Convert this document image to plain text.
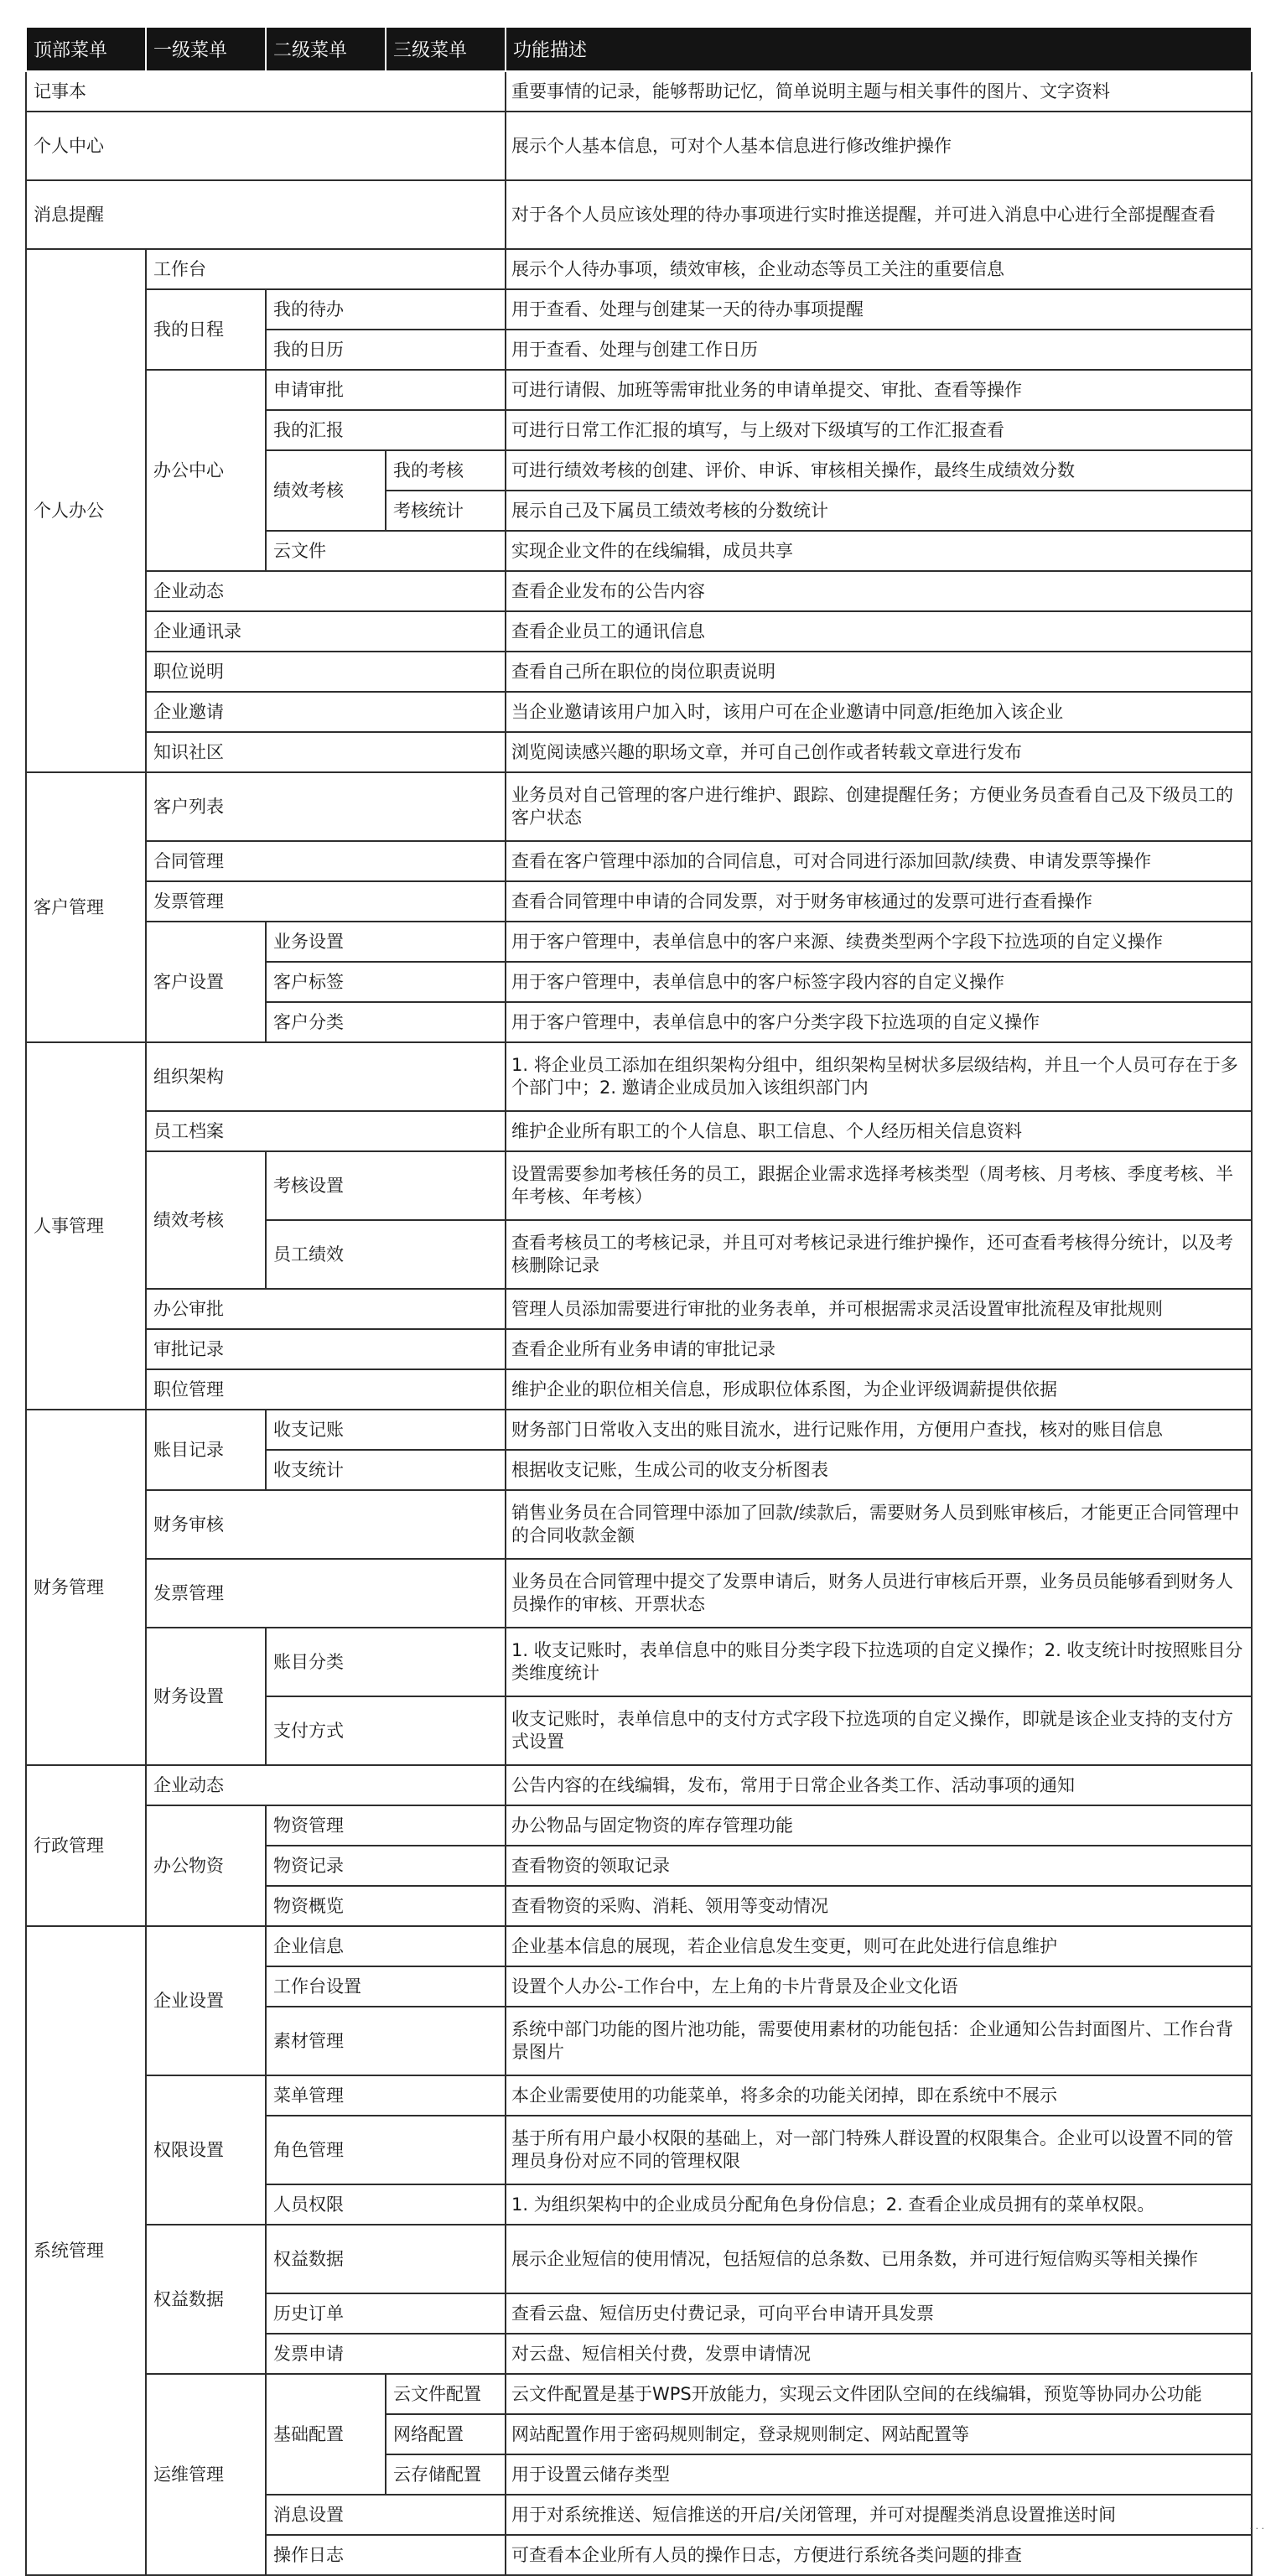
顶部菜单	一级菜单	二级菜单	三级菜单	功能描述
记事本				重要事情的记录，能够帮助记忆，简单说明主题与相关事件的图片、文字资料
个人中心				展示个人基本信息，可对个人基本信息进行修改维护操作
消息提醒				对于各个人员应该处理的待办事项进行实时推送提醒，并可进入消息中心进行全部提醒查看
个人办公	工作台			展示个人待办事项，绩效审核，企业动态等员工关注的重要信息
	我的日程	我的待办		用于查看、处理与创建某一天的待办事项提醒
		我的日历		用于查看、处理与创建工作日历
	办公中心	申请审批		可进行请假、加班等需审批业务的申请单提交、审批、查看等操作
		我的汇报		可进行日常工作汇报的填写，与上级对下级填写的工作汇报查看
		绩效考核	我的考核	可进行绩效考核的创建、评价、申诉、审核相关操作，最终生成绩效分数
			考核统计	展示自己及下属员工绩效考核的分数统计
		云文件		实现企业文件的在线编辑，成员共享
	企业动态			查看企业发布的公告内容
	企业通讯录			查看企业员工的通讯信息
	职位说明			查看自己所在职位的岗位职责说明
	企业邀请			当企业邀请该用户加入时，该用户可在企业邀请中同意/拒绝加入该企业
	知识社区			浏览阅读感兴趣的职场文章，并可自己创作或者转载文章进行发布
客户管理	客户列表			业务员对自己管理的客户进行维护、跟踪、创建提醒任务；方便业务员查看自己及下级员工的客户状态
	合同管理			查看在客户管理中添加的合同信息，可对合同进行添加回款/续费、申请发票等操作
	发票管理			查看合同管理中申请的合同发票，对于财务审核通过的发票可进行查看操作
	客户设置	业务设置		用于客户管理中，表单信息中的客户来源、续费类型两个字段下拉选项的自定义操作
		客户标签		用于客户管理中，表单信息中的客户标签字段内容的自定义操作
		客户分类		用于客户管理中，表单信息中的客户分类字段下拉选项的自定义操作
人事管理	组织架构			1. 将企业员工添加在组织架构分组中，组织架构呈树状多层级结构，并且一个人员可存在于多个部门中；2. 邀请企业成员加入该组织部门内
	员工档案			维护企业所有职工的个人信息、职工信息、个人经历相关信息资料
	绩效考核	考核设置		设置需要参加考核任务的员工，跟据企业需求选择考核类型（周考核、月考核、季度考核、半年考核、年考核）
		员工绩效		查看考核员工的考核记录，并且可对考核记录进行维护操作，还可查看考核得分统计，以及考核删除记录
	办公审批			管理人员添加需要进行审批的业务表单，并可根据需求灵活设置审批流程及审批规则
	审批记录			查看企业所有业务申请的审批记录
	职位管理			维护企业的职位相关信息，形成职位体系图，为企业评级调薪提供依据
财务管理	账目记录	收支记账		财务部门日常收入支出的账目流水，进行记账作用，方便用户查找，核对的账目信息
		收支统计		根据收支记账，生成公司的收支分析图表
	财务审核			销售业务员在合同管理中添加了回款/续款后，需要财务人员到账审核后，才能更正合同管理中的合同收款金额
	发票管理			业务员在合同管理中提交了发票申请后，财务人员进行审核后开票，业务员员能够看到财务人员操作的审核、开票状态
	财务设置	账目分类		1. 收支记账时，表单信息中的账目分类字段下拉选项的自定义操作；2. 收支统计时按照账目分类维度统计
		支付方式		收支记账时，表单信息中的支付方式字段下拉选项的自定义操作，即就是该企业支持的支付方式设置
行政管理	企业动态			公告内容的在线编辑，发布，常用于日常企业各类工作、活动事项的通知
	办公物资	物资管理		办公物品与固定物资的库存管理功能
		物资记录		查看物资的领取记录
		物资概览		查看物资的采购、消耗、领用等变动情况
系统管理	企业设置	企业信息		企业基本信息的展现，若企业信息发生变更，则可在此处进行信息维护
		工作台设置		设置个人办公-工作台中，左上角的卡片背景及企业文化语
		素材管理		系统中部门功能的图片池功能，需要使用素材的功能包括：企业通知公告封面图片、工作台背景图片
	权限设置	菜单管理		本企业需要使用的功能菜单，将多余的功能关闭掉，即在系统中不展示
		角色管理		基于所有用户最小权限的基础上，对一部门特殊人群设置的权限集合。企业可以设置不同的管理员身份对应不同的管理权限
		人员权限		1. 为组织架构中的企业成员分配角色身份信息；2. 查看企业成员拥有的菜单权限。
	权益数据	权益数据		展示企业短信的使用情况，包括短信的总条数、已用条数，并可进行短信购买等相关操作
		历史订单		查看云盘、短信历史付费记录，可向平台申请开具发票
		发票申请		对云盘、短信相关付费，发票申请情况
	运维管理	基础配置	云文件配置	云文件配置是基于WPS开放能力，实现云文件团队空间的在线编辑，预览等协同办公功能
			网络配置	网站配置作用于密码规则制定，登录规则制定、网站配置等
			云存储配置	用于设置云储存类型
		消息设置		用于对系统推送、短信推送的开启/关闭管理，并可对提醒类消息设置推送时间
		操作日志		可查看本企业所有人员的操作日志，方便进行系统各类问题的排查
· · ·
